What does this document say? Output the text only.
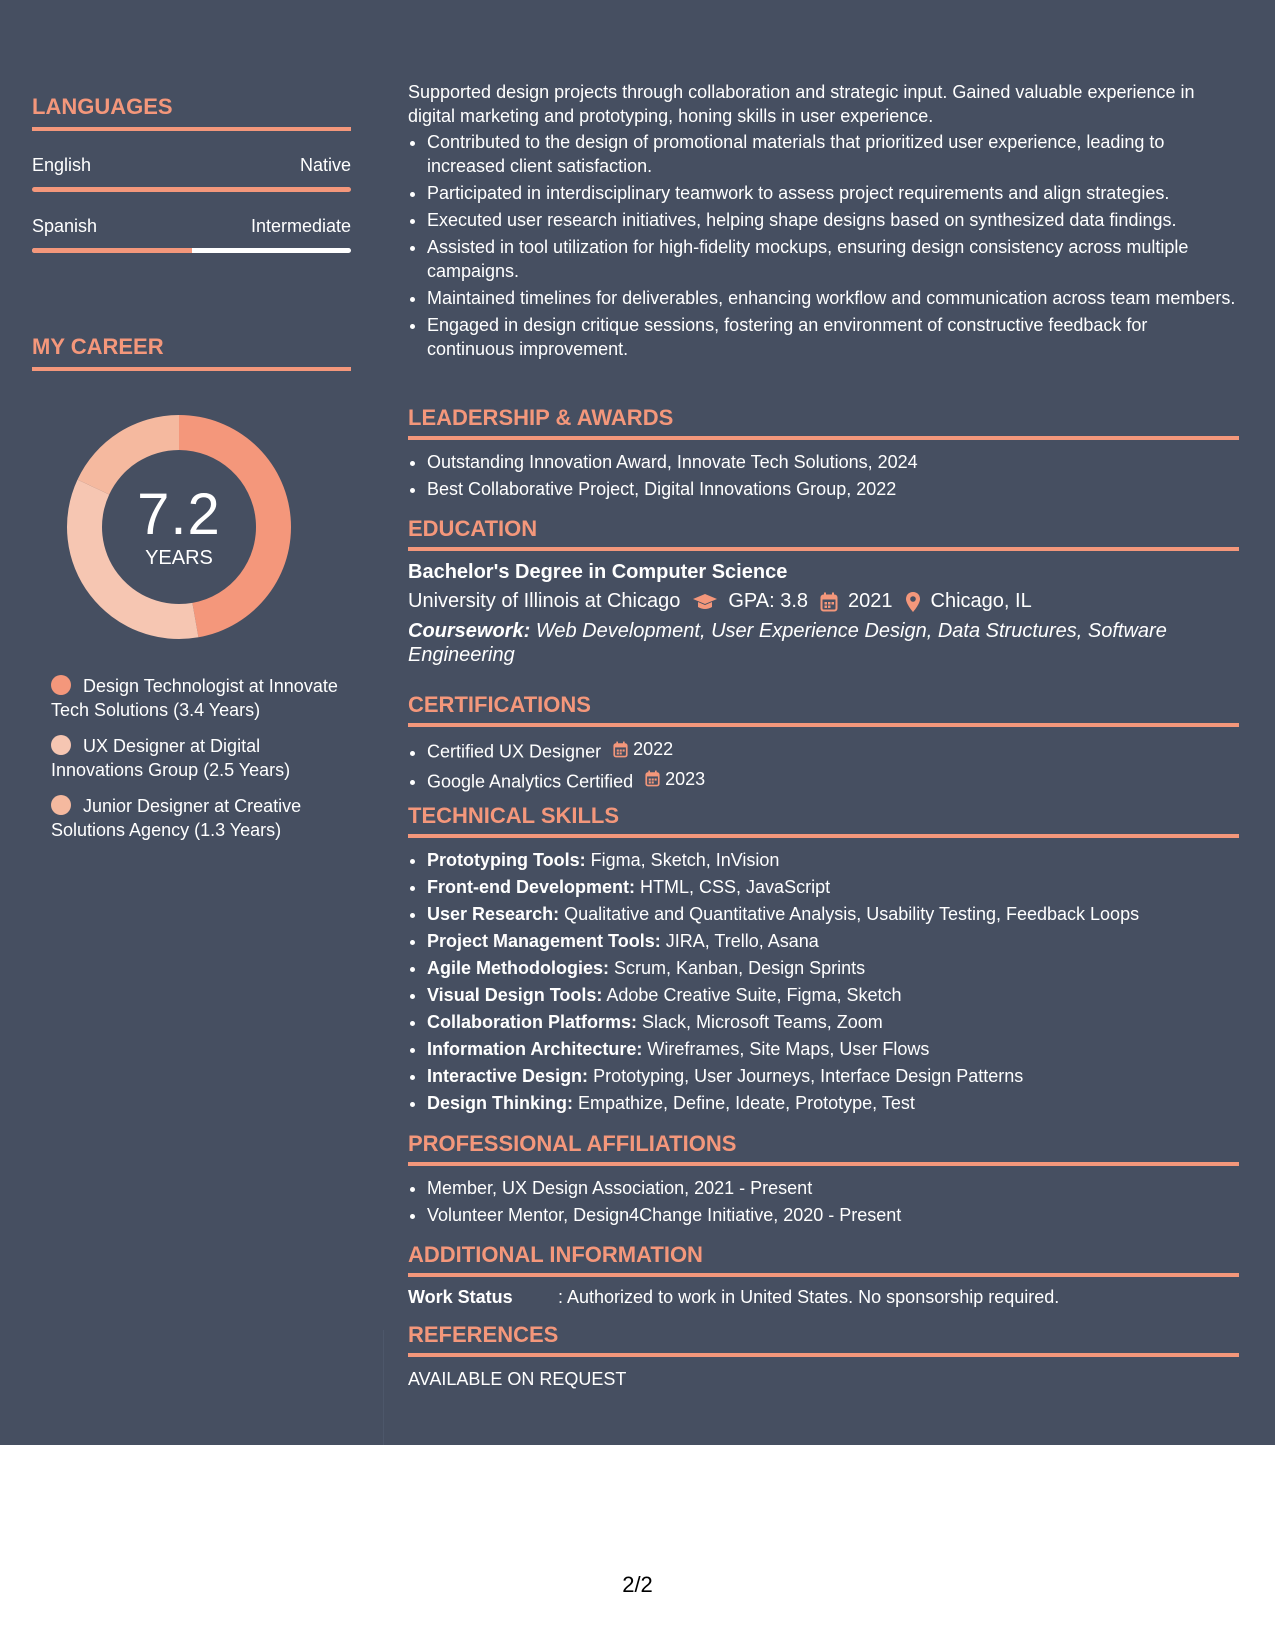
LANGUAGES
English	Native
Spanish	Intermediate
MY CAREER
7.2
YEARS
Design Technologist at Innovate Tech Solutions (3.4 Years)
UX Designer at Digital Innovations Group (2.5 Years)
Junior Designer at Creative Solutions Agency (1.3 Years)
Supported design projects through collaboration and strategic input. Gained valuable experience in digital marketing and prototyping, honing skills in user experience.
• Contributed to the design of promotional materials that prioritized user experience, leading to increased client satisfaction.
• Participated in interdisciplinary teamwork to assess project requirements and align strategies.
• Executed user research initiatives, helping shape designs based on synthesized data findings.
• Assisted in tool utilization for high-fidelity mockups, ensuring design consistency across multiple campaigns.
• Maintained timelines for deliverables, enhancing workflow and communication across team members.
• Engaged in design critique sessions, fostering an environment of constructive feedback for continuous improvement.
LEADERSHIP & AWARDS
• Outstanding Innovation Award, Innovate Tech Solutions, 2024
• Best Collaborative Project, Digital Innovations Group, 2022
EDUCATION
Bachelor's Degree in Computer Science
University of Illinois at Chicago GPA: 3.8 2021 Chicago, IL
Coursework: Web Development, User Experience Design, Data Structures, Software Engineering
CERTIFICATIONS
• Certified UX Designer 2022
• Google Analytics Certified 2023
TECHNICAL SKILLS
• Prototyping Tools: Figma, Sketch, InVision
• Front-end Development: HTML, CSS, JavaScript
• User Research: Qualitative and Quantitative Analysis, Usability Testing, Feedback Loops
• Project Management Tools: JIRA, Trello, Asana
• Agile Methodologies: Scrum, Kanban, Design Sprints
• Visual Design Tools: Adobe Creative Suite, Figma, Sketch
• Collaboration Platforms: Slack, Microsoft Teams, Zoom
• Information Architecture: Wireframes, Site Maps, User Flows
• Interactive Design: Prototyping, User Journeys, Interface Design Patterns
• Design Thinking: Empathize, Define, Ideate, Prototype, Test
PROFESSIONAL AFFILIATIONS
• Member, UX Design Association, 2021 - Present
• Volunteer Mentor, Design4Change Initiative, 2020 - Present
ADDITIONAL INFORMATION
Work Status	: Authorized to work in United States. No sponsorship required.
REFERENCES
AVAILABLE ON REQUEST
2/2
